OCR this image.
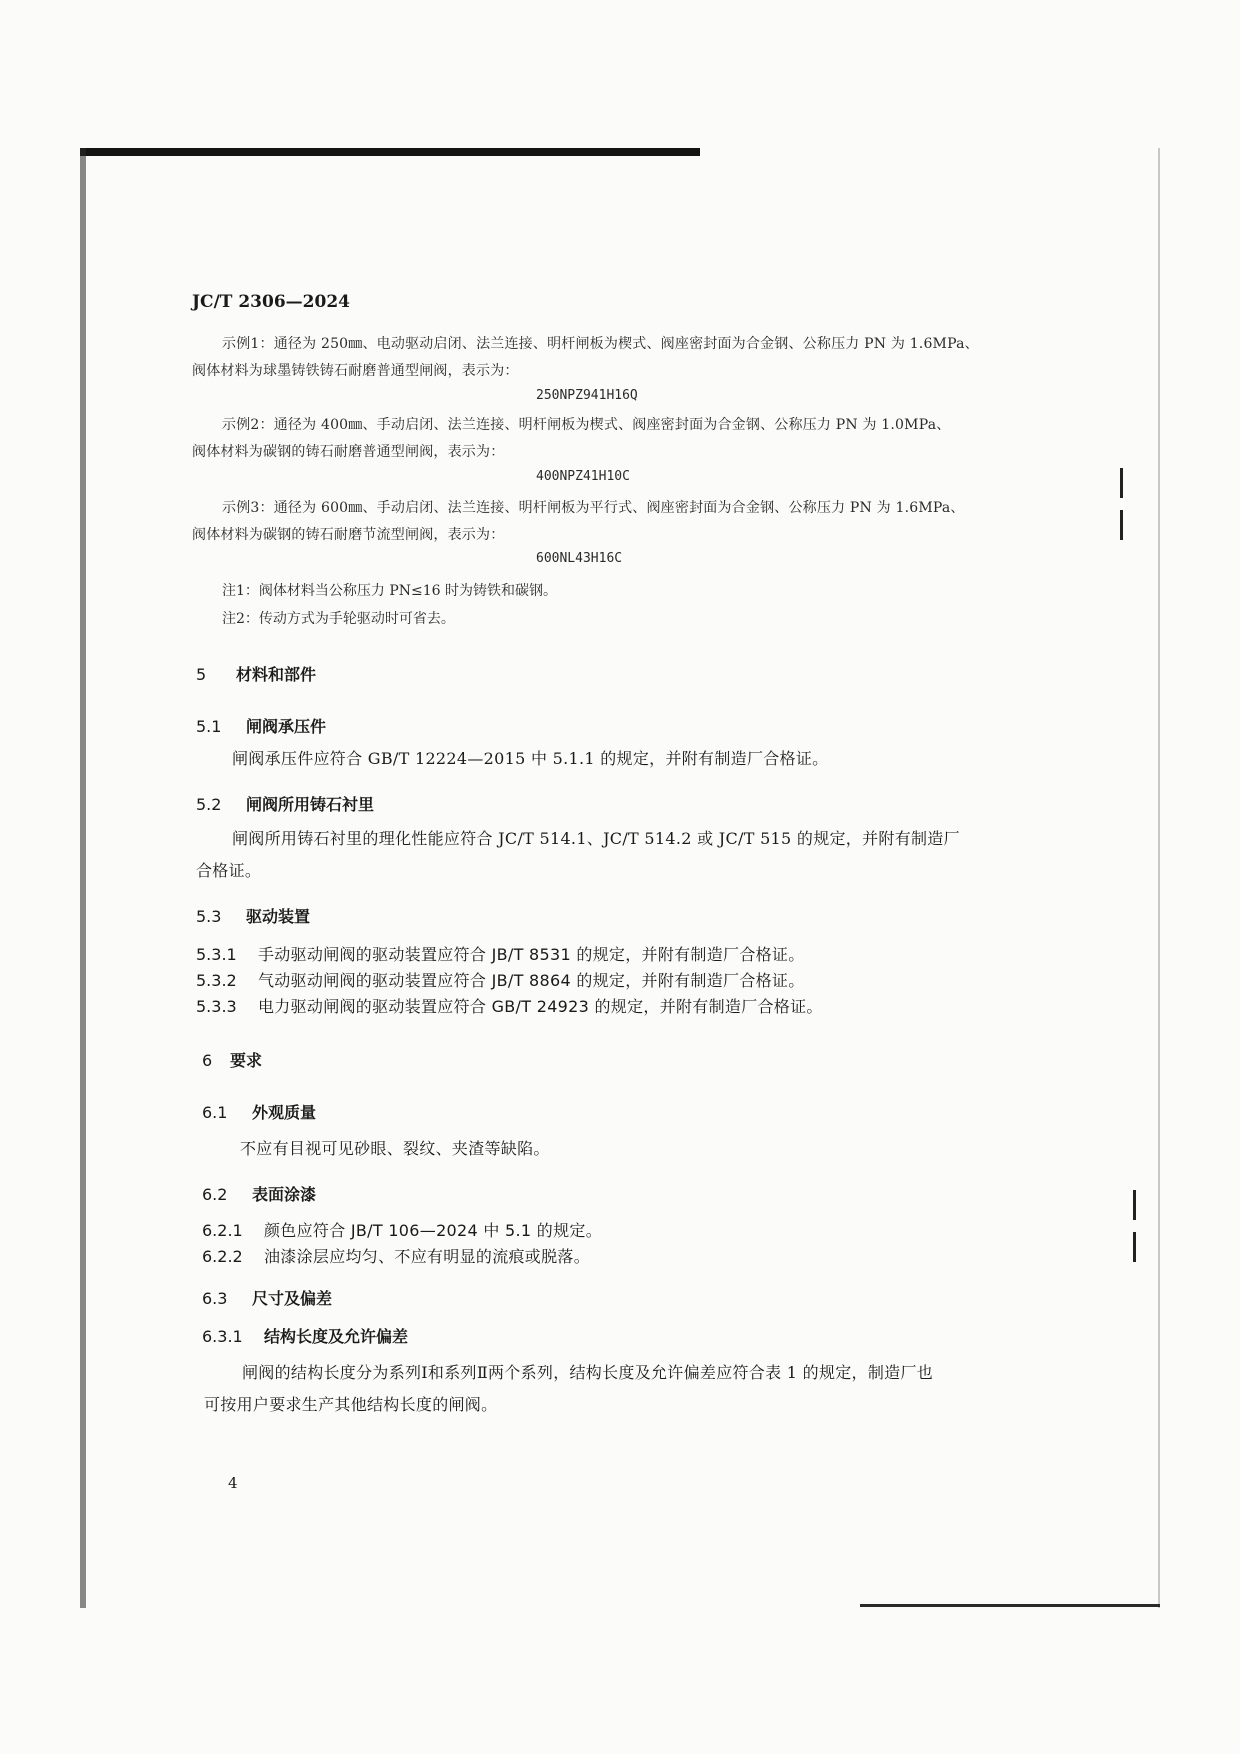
JC/T 2306—2024
示例1：通径为 250㎜、电动驱动启闭、法兰连接、明杆闸板为楔式、阀座密封面为合金钢、公称压力 PN 为 1.6MPa、
阀体材料为球墨铸铁铸石耐磨普通型闸阀，表示为：
250NPZ941H16Q
示例2：通径为 400㎜、手动启闭、法兰连接、明杆闸板为楔式、阀座密封面为合金钢、公称压力 PN 为 1.0MPa、
阀体材料为碳钢的铸石耐磨普通型闸阀，表示为：
400NPZ41H10C
示例3：通径为 600㎜、手动启闭、法兰连接、明杆闸板为平行式、阀座密封面为合金钢、公称压力 PN 为 1.6MPa、
阀体材料为碳钢的铸石耐磨节流型闸阀，表示为：
600NL43H16C
注1：阀体材料当公称压力 PN≤16 时为铸铁和碳钢。
注2：传动方式为手轮驱动时可省去。
5 材料和部件
5.1 闸阀承压件
闸阀承压件应符合 GB/T 12224—2015 中 5.1.1 的规定，并附有制造厂合格证。
5.2 闸阀所用铸石衬里
闸阀所用铸石衬里的理化性能应符合 JC/T 514.1、JC/T 514.2 或 JC/T 515 的规定，并附有制造厂
合格证。
5.3 驱动装置
5.3.1 手动驱动闸阀的驱动装置应符合 JB/T 8531 的规定，并附有制造厂合格证。
5.3.2 气动驱动闸阀的驱动装置应符合 JB/T 8864 的规定，并附有制造厂合格证。
5.3.3 电力驱动闸阀的驱动装置应符合 GB/T 24923 的规定，并附有制造厂合格证。
6 要求
6.1 外观质量
不应有目视可见砂眼、裂纹、夹渣等缺陷。
6.2 表面涂漆
6.2.1 颜色应符合 JB/T 106—2024 中 5.1 的规定。
6.2.2 油漆涂层应均匀、不应有明显的流痕或脱落。
6.3 尺寸及偏差
6.3.1 结构长度及允许偏差
闸阀的结构长度分为系列Ⅰ和系列Ⅱ两个系列，结构长度及允许偏差应符合表 1 的规定，制造厂也
可按用户要求生产其他结构长度的闸阀。
4
